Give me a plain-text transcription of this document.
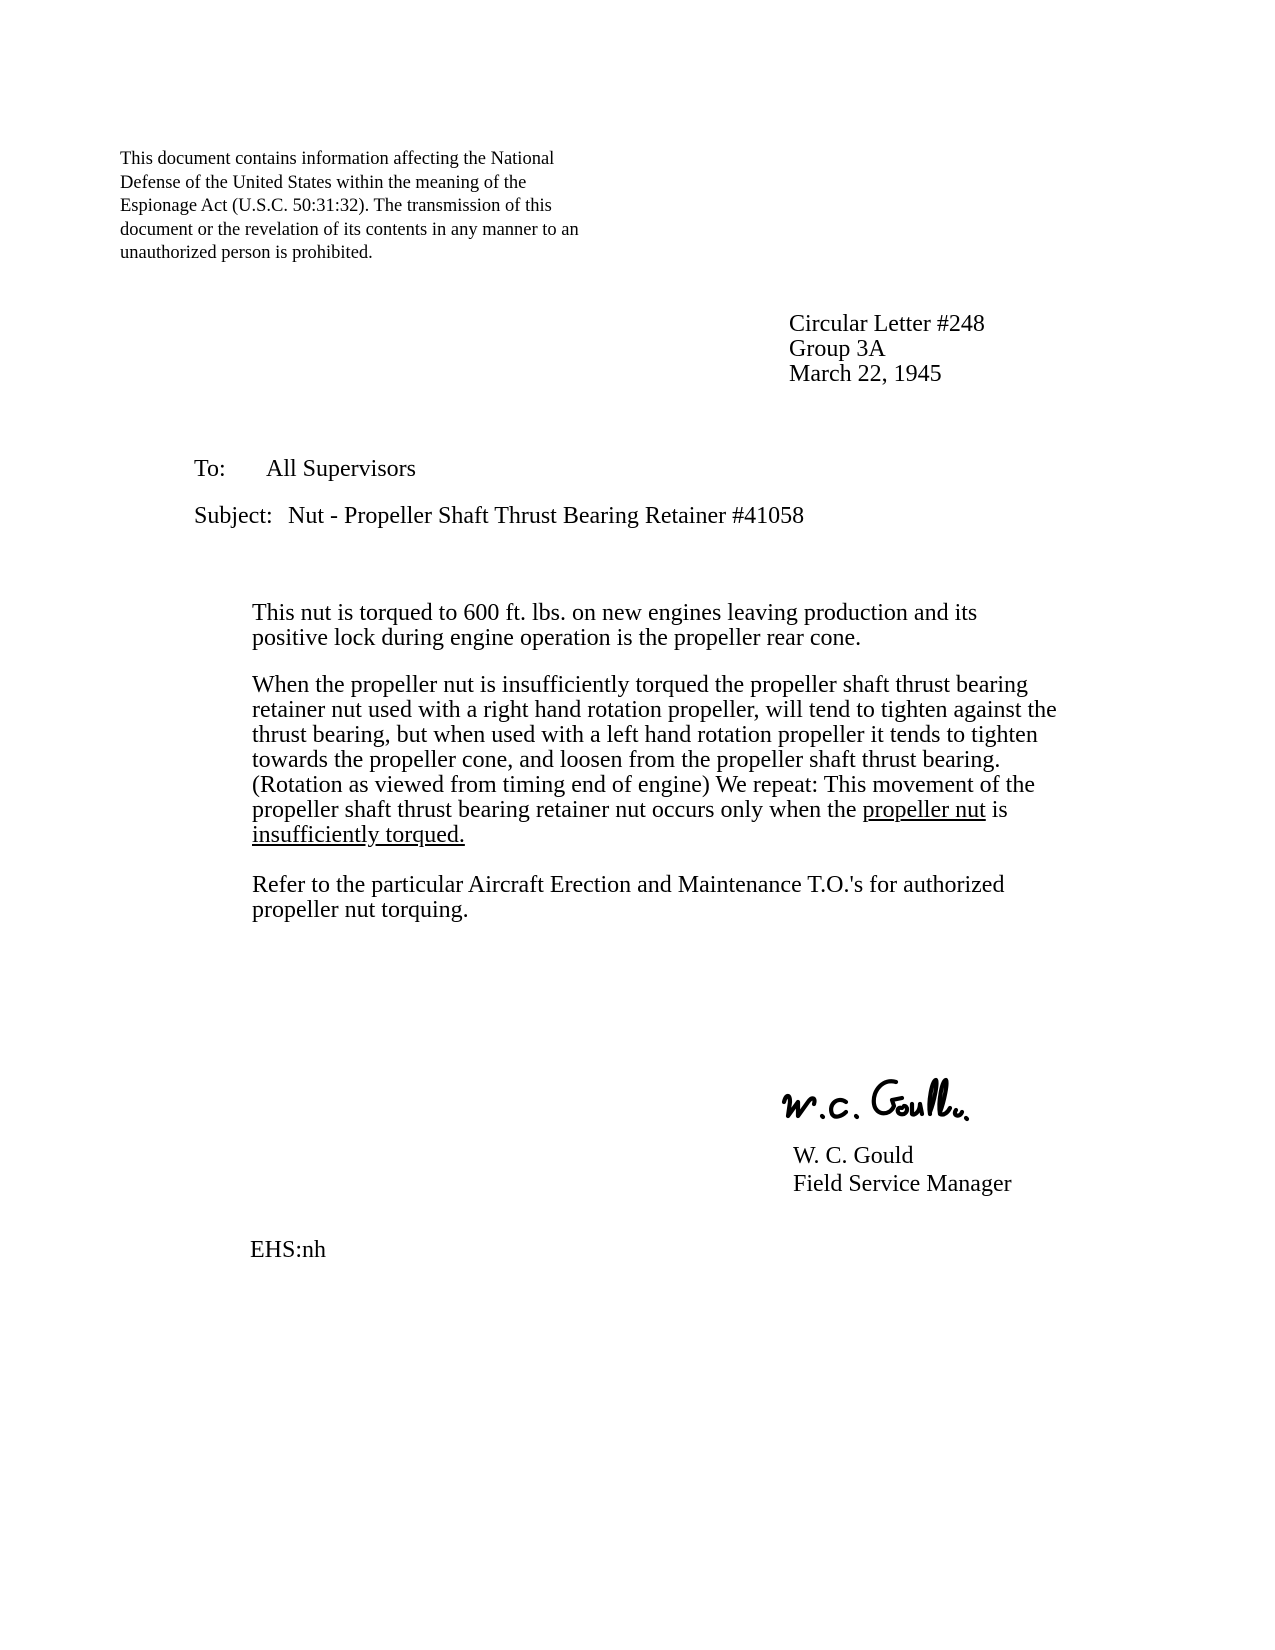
This document contains information affecting the National
Defense of the United States within the meaning of the
Espionage Act (U.S.C. 50:31:32). The transmission of this
document or the revelation of its contents in any manner to an
unauthorized person is prohibited.
Circular Letter #248
Group 3A
March 22, 1945
To: All Supervisors
Subject: Nut - Propeller Shaft Thrust Bearing Retainer #41058
This nut is torqued to 600 ft. lbs. on new engines leaving production and its
positive lock during engine operation is the propeller rear cone.
When the propeller nut is insufficiently torqued the propeller shaft thrust bearing
retainer nut used with a right hand rotation propeller, will tend to tighten against the
thrust bearing, but when used with a left hand rotation propeller it tends to tighten
towards the propeller cone, and loosen from the propeller shaft thrust bearing.
(Rotation as viewed from timing end of engine) We repeat: This movement of the
propeller shaft thrust bearing retainer nut occurs only when the propeller nut is
insufficiently torqued.
Refer to the particular Aircraft Erection and Maintenance T.O.'s for authorized
propeller nut torquing.
W. C. Gould
Field Service Manager
EHS:nh
